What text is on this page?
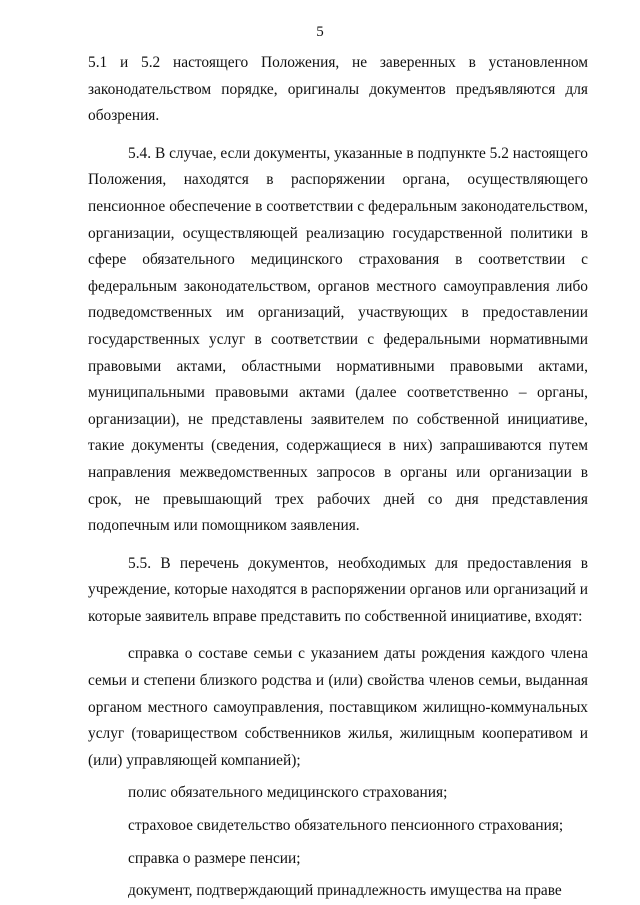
5

5.1 и 5.2 настоящего Положения, не заверенных в установленном законодательством порядке, оригиналы документов предъявляются для обозрения.

5.4. В случае, если документы, указанные в подпункте 5.2 настоящего Положения, находятся в распоряжении органа, осуществляющего пенсионное обеспечение в соответствии с федеральным законодательством, организации, осуществляющей реализацию государственной политики в сфере обязательного медицинского страхования в соответствии с федеральным законодательством, органов местного самоуправления либо подведомственных им организаций, участвующих в предоставлении государственных услуг в соответствии с федеральными нормативными правовыми актами, областными нормативными правовыми актами, муниципальными правовыми актами (далее соответственно – органы, организации), не представлены заявителем по собственной инициативе, такие документы (сведения, содержащиеся в них) запрашиваются путем направления межведомственных запросов в органы или организации в срок, не превышающий трех рабочих дней со дня представления подопечным или помощником заявления.

5.5. В перечень документов, необходимых для предоставления в учреждение, которые находятся в распоряжении органов или организаций и которые заявитель вправе представить по собственной инициативе, входят:

справка о составе семьи с указанием даты рождения каждого члена семьи и степени близкого родства и (или) свойства членов семьи, выданная органом местного самоуправления, поставщиком жилищно-коммунальных услуг (товариществом собственников жилья, жилищным кооперативом и (или) управляющей компанией);

полис обязательного медицинского страхования;

страховое свидетельство обязательного пенсионного страхования;

справка о размере пенсии;

документ, подтверждающий принадлежность имущества на праве
